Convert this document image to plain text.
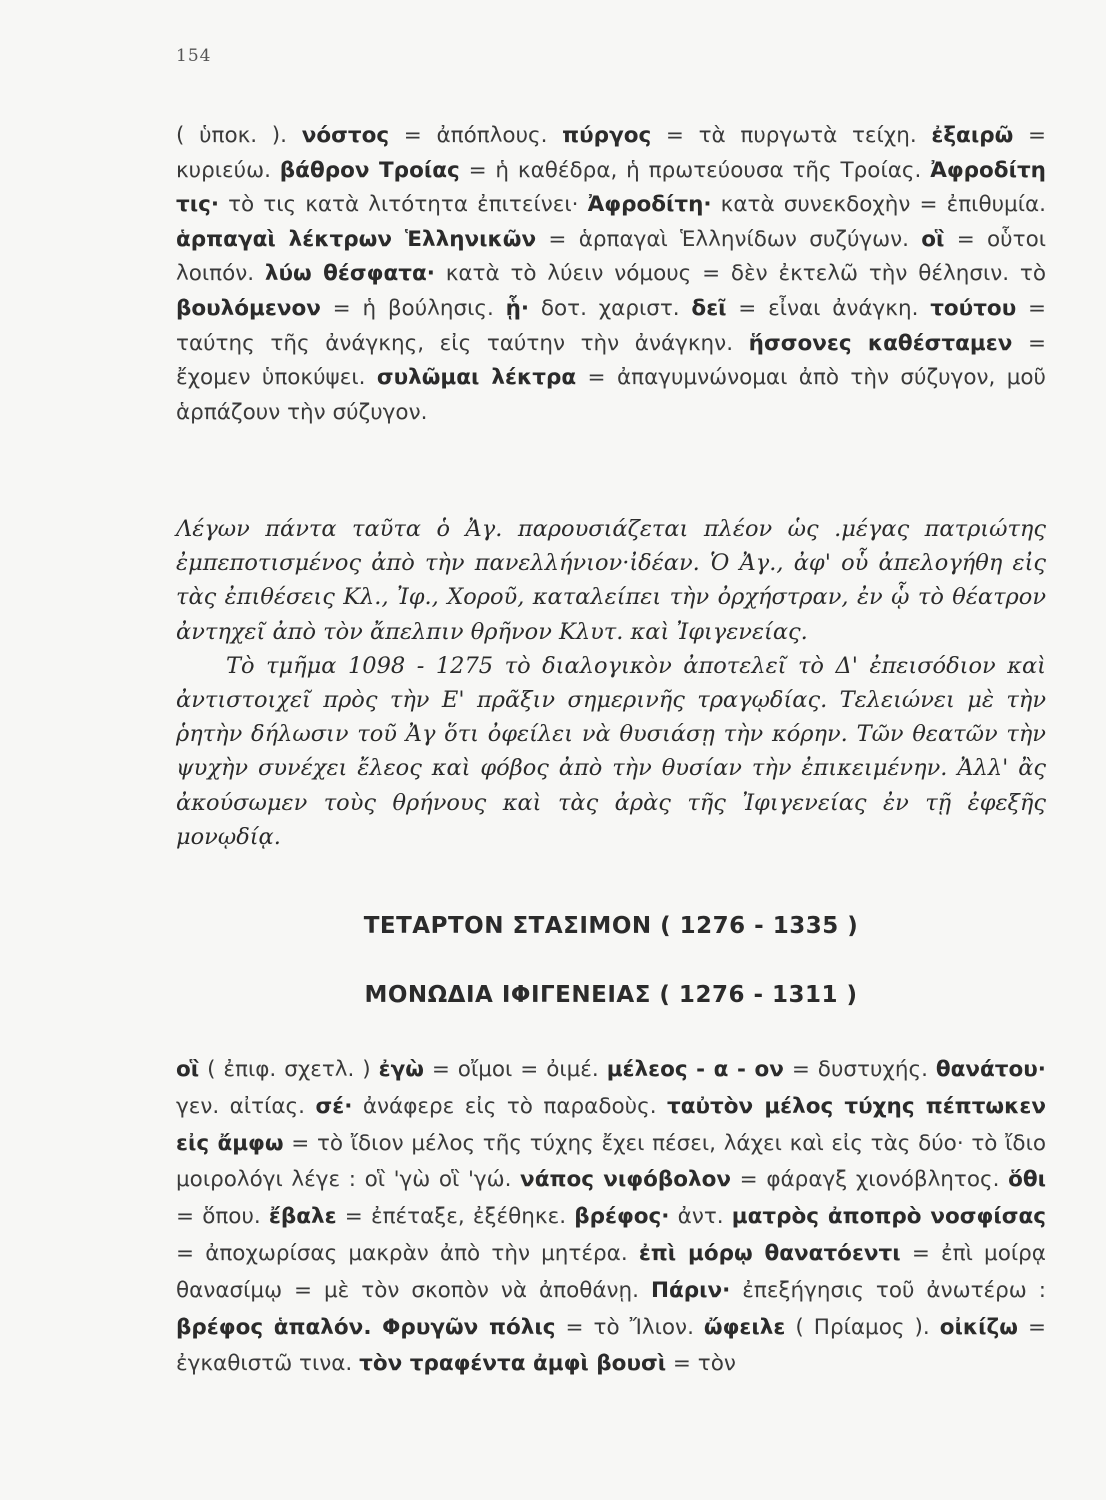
154
( ὑποκ. ). νόστος = ἀπόπλους. πύργος = τὰ πυργωτὰ τείχη. ἐξαιρῶ = κυριεύω. βάθρον Τροίας = ἡ καθέδρα, ἡ πρωτεύουσα τῆς Τροίας. Ἀφροδίτη τις· τὸ τις κατὰ λιτότητα ἐπιτείνει· Ἀφροδίτη· κατὰ συνεκδοχὴν = ἐπιθυμία. ἁρπαγαὶ λέκτρων Ἑλληνικῶν = ἁρπαγαὶ Ἑλληνίδων συζύγων. οἳ = οὗτοι λοιπόν. λύω θέσφατα· κατὰ τὸ λύειν νόμους = δὲν ἐκτελῶ τὴν θέλησιν. τὸ βουλόμενον = ἡ βούλησις. ᾗ· δοτ. χαριστ. δεῖ = εἶναι ἀνάγκη. τούτου = ταύτης τῆς ἀνάγκης, εἰς ταύτην τὴν ἀνάγκην. ἥσσονες καθέσταμεν = ἔχομεν ὑποκύψει. συλῶμαι λέκτρα = ἀπαγυμνώνομαι ἀπὸ τὴν σύζυγον, μοῦ ἁρπάζουν τὴν σύζυγον.

Λέγων πάντα ταῦτα ὁ Ἀγ. παρουσιάζεται πλέον ὡς .μέγας πατριώτης ἐμπεποτισμένος ἀπὸ τὴν πανελλήνιον·ἰδέαν. Ὁ Ἀγ., ἀφ' οὗ ἀπελογήθη εἰς τὰς ἐπιθέσεις Κλ., Ἰφ., Χοροῦ, καταλείπει τὴν ὀρχήστραν, ἐν ᾧ τὸ θέατρον ἀντηχεῖ ἀπὸ τὸν ἄπελπιν θρῆνον Κλυτ. καὶ Ἰφιγενείας.

Τὸ τμῆμα 1098 - 1275 τὸ διαλογικὸν ἀποτελεῖ τὸ Δ' ἐπεισόδιον καὶ ἀντιστοιχεῖ πρὸς τὴν Ε' πρᾶξιν σημερινῆς τραγῳδίας. Τελειώνει μὲ τὴν ῥητὴν δήλωσιν τοῦ Ἀγ ὅτι ὀφείλει νὰ θυσιάσῃ τὴν κόρην. Τῶν θεατῶν τὴν ψυχὴν συνέχει ἔλεος καὶ φόβος ἀπὸ τὴν θυσίαν τὴν ἐπικειμένην. Ἀλλ' ἂς ἀκούσωμεν τοὺς θρήνους καὶ τὰς ἀρὰς τῆς Ἰφιγενείας ἐν τῇ ἐφεξῆς μονῳδίᾳ.

ΤΕΤΑΡΤΟΝ ΣΤΑΣΙΜΟΝ ( 1276 - 1335 )
ΜΟΝΩΔΙΑ ΙΦΙΓΕΝΕΙΑΣ ( 1276 - 1311 )
οἳ ( ἐπιφ. σχετλ. ) ἐγὼ = οἴμοι = ὀιμέ. μέλεος - α - ον = δυστυχής. θανάτου· γεν. αἰτίας. σέ· ἀνάφερε εἰς τὸ παραδοὺς. ταὐτὸν μέλος τύχης πέπτωκεν εἰς ἄμφω = τὸ ἴδιον μέλος τῆς τύχης ἔχει πέσει, λάχει καὶ εἰς τὰς δύο· τὸ ἴδιο μοιρολόγι λέγε : οἳ 'γὼ οἳ 'γώ. νάπος νιφόβολον = φάραγξ χιονόβλητος. ὅθι = ὅπου. ἔβαλε = ἐπέταξε, ἐξέθηκε. βρέφος· ἀντ. ματρὸς ἀποπρὸ νοσφίσας = ἀποχωρίσας μακρὰν ἀπὸ τὴν μητέρα. ἐπὶ μόρῳ θανατόεντι = ἐπὶ μοίρᾳ θανασίμῳ = μὲ τὸν σκοπὸν νὰ ἀποθάνῃ. Πάριν· ἐπεξήγησις τοῦ ἀνωτέρω : βρέφος ἁπαλόν. Φρυγῶν πόλις = τὸ Ἴλιον. ὤφειλε ( Πρίαμος ). οἰκίζω = ἐγκαθιστῶ τινα. τὸν τραφέντα ἀμφὶ βουσὶ = τὸν
